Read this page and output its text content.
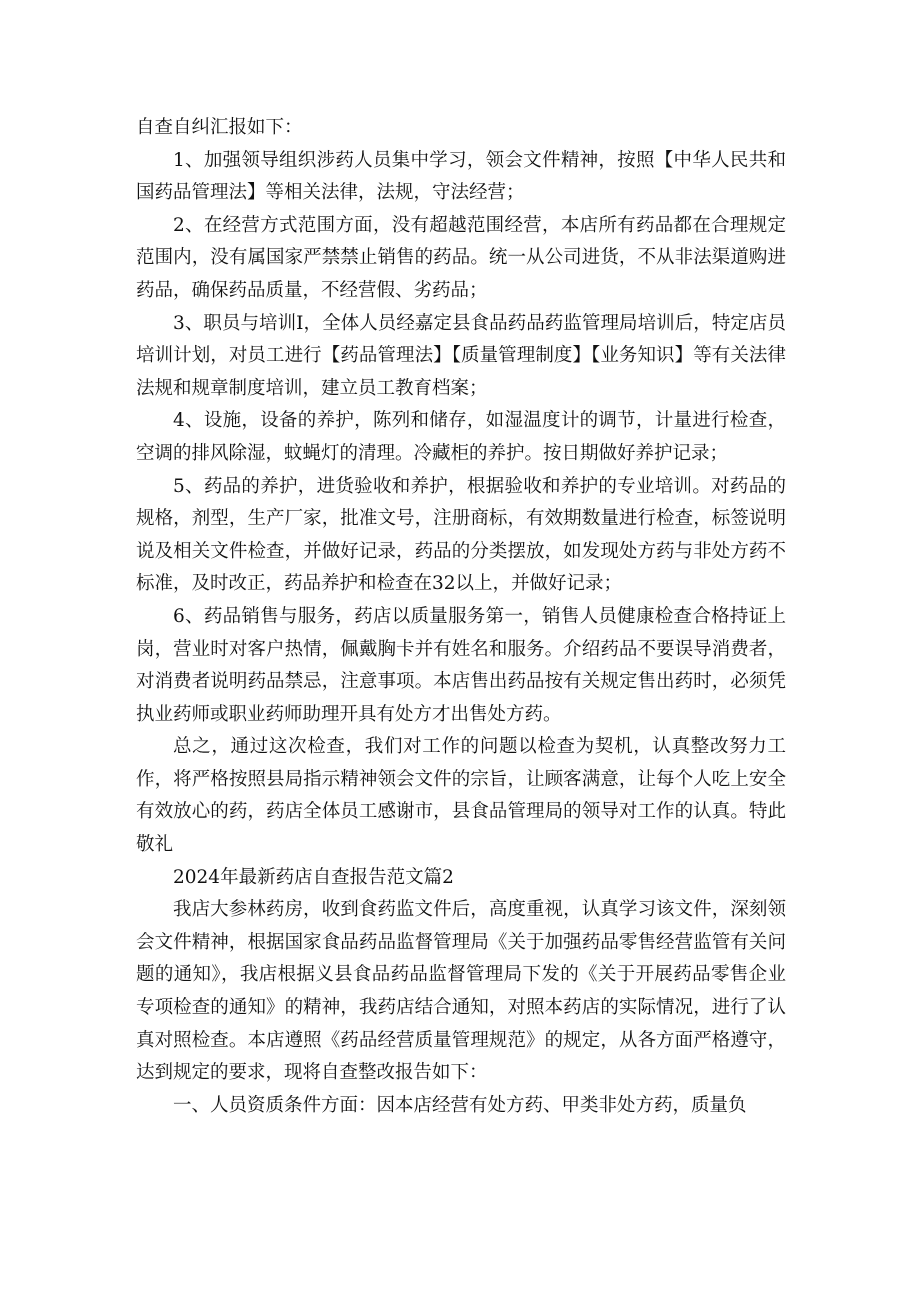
自查自纠汇报如下：

1、加强领导组织涉药人员集中学习，领会文件精神，按照【中华人民共和国药品管理法】等相关法律，法规，守法经营；

2、在经营方式范围方面，没有超越范围经营，本店所有药品都在合理规定范围内，没有属国家严禁禁止销售的药品。统一从公司进货，不从非法渠道购进药品，确保药品质量，不经营假、劣药品；

3、职员与培训I，全体人员经嘉定县食品药品药监管理局培训后，特定店员培训计划，对员工进行【药品管理法】【质量管理制度】【业务知识】等有关法律法规和规章制度培训，建立员工教育档案；

4、设施，设备的养护，陈列和储存，如湿温度计的调节，计量进行检查，空调的排风除湿，蚊蝇灯的清理。冷藏柜的养护。按日期做好养护记录；

5、药品的养护，进货验收和养护，根据验收和养护的专业培训。对药品的规格，剂型，生产厂家，批准文号，注册商标，有效期数量进行检查，标签说明说及相关文件检查，并做好记录，药品的分类摆放，如发现处方药与非处方药不标准，及时改正，药品养护和检查在32以上，并做好记录；

6、药品销售与服务，药店以质量服务第一，销售人员健康检查合格持证上岗，营业时对客户热情，佩戴胸卡并有姓名和服务。介绍药品不要误导消费者，对消费者说明药品禁忌，注意事项。本店售出药品按有关规定售出药时，必须凭执业药师或职业药师助理开具有处方才出售处方药。

总之，通过这次检查，我们对工作的问题以检查为契机，认真整改努力工作，将严格按照县局指示精神领会文件的宗旨，让顾客满意，让每个人吃上安全有效放心的药，药店全体员工感谢市，县食品管理局的领导对工作的认真。特此敬礼

2024年最新药店自查报告范文篇2

我店大参林药房，收到食药监文件后，高度重视，认真学习该文件，深刻领会文件精神，根据国家食品药品监督管理局《关于加强药品零售经营监管有关问题的通知》，我店根据义县食品药品监督管理局下发的《关于开展药品零售企业专项检查的通知》的精神，我药店结合通知，对照本药店的实际情况，进行了认真对照检查。本店遵照《药品经营质量管理规范》的规定，从各方面严格遵守，达到规定的要求，现将自查整改报告如下：

一、人员资质条件方面：因本店经营有处方药、甲类非处方药，质量负
